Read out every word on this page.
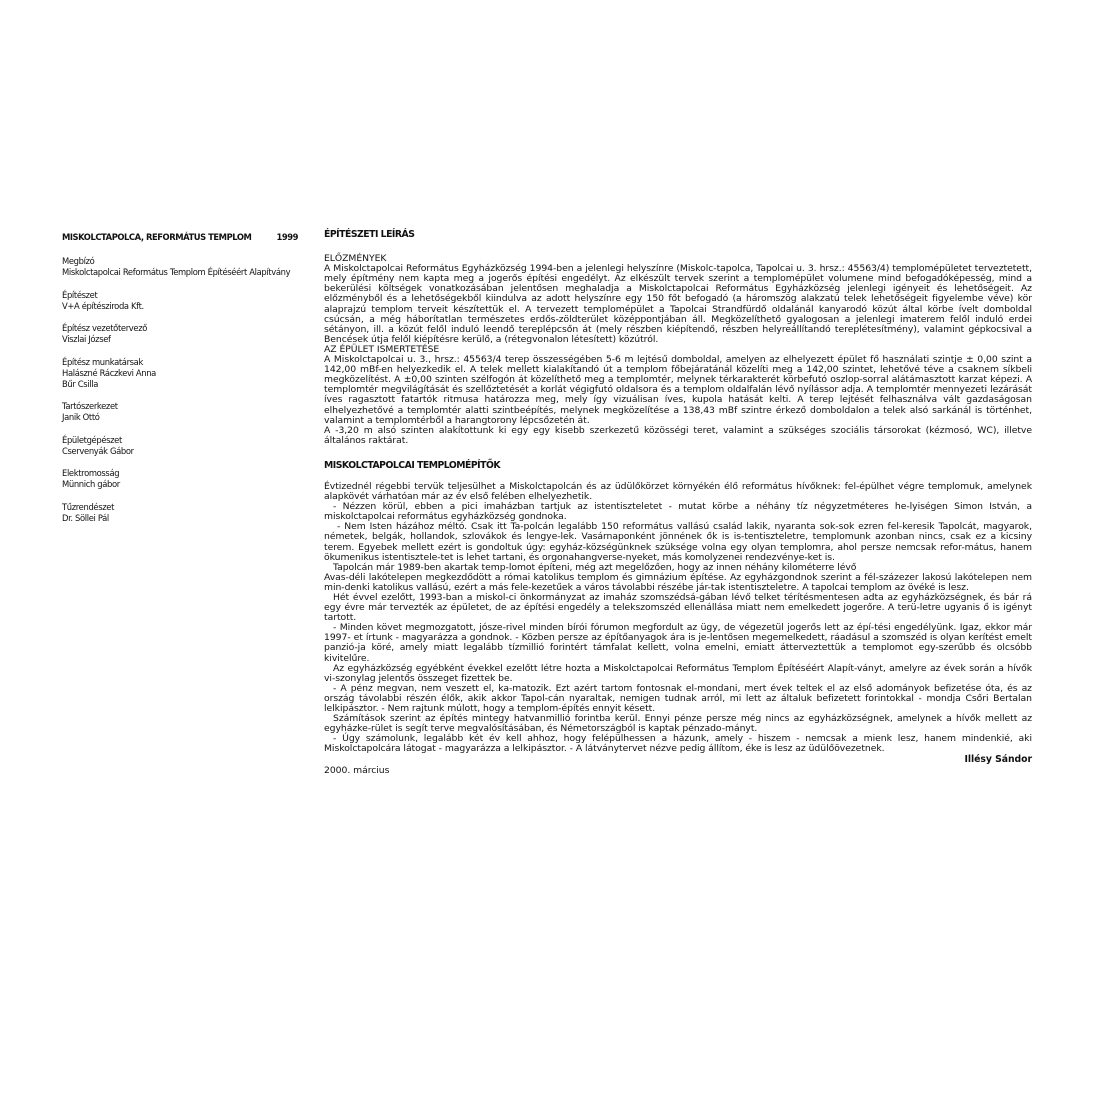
MISKOLCTAPOLCA, REFORMÁTUS TEMPLOM	1999
Megbízó
Miskolctapolcai Református Templom Építéséért Alapítvány
Építészet
V+A építésziroda Kft.
Építész vezetőtervező
Viszlai József
Építész munkatársak
Halászné Ráczkevi Anna
Bűr Csilla
Tartószerkezet
Janik Ottó
Épületgépészet
Cservenyák Gábor
Elektromosság
Münnich gábor
Tűzrendészet
Dr. Söllei Pál
ÉPÍTÉSZETI LEÍRÁS
ELŐZMÉNYEK

A Miskolctapolcai Református Egyházközség 1994-ben a jelenlegi helyszínre (Miskolc-tapolca, Tapolcai u. 3. hrsz.: 45563/4) templomépületet terveztetett, mely építmény nem kapta meg a jogerős építési engedélyt. Az elkészült tervek szerint a templomépület volumene mind befogadóképesség, mind a bekerülési költségek vonatkozásában jelentősen meghaladja a Miskolctapolcai Református Egyházközség jelenlegi igényeit és lehetőségeit. Az előzményből és a lehetőségekből kiindulva az adott helyszínre egy 150 főt befogadó (a háromszög alakzatú telek lehetőségeit figyelembe véve) kör alaprajzú templom terveit készítettük el. A tervezett templomépület a Tapolcai Strandfürdő oldalánál kanyarodó közút által körbe ívelt domboldal csúcsán, a még háborítatlan természetes erdős-zöldterület középpontjában áll. Megközelíthető gyalogosan a jelenlegi imaterem felől induló erdei sétányon, ill. a közút felől induló leendő tereplépcsőn át (mely részben kiépítendő, részben helyreállítandó tereplétesítmény), valamint gépkocsival a Bencések útja felől kiépítésre kerülő, a (rétegvonalon létesített) közútról.

AZ ÉPÜLET ISMERTETÉSE

A Miskolctapolcai u. 3., hrsz.: 45563/4 terep összességében 5-6 m lejtésű domboldal, amelyen az elhelyezett épület fő használati szintje ± 0,00 szint a 142,00 mBf-en helyezkedik el. A telek mellett kialakítandó út a templom főbejáratánál közelíti meg a 142,00 szintet, lehetővé téve a csaknem síkbeli megközelítést. A ±0,00 szinten szélfogón át közelíthető meg a templomtér, melynek térkarakterét körbefutó oszlop-sorral alátámasztott karzat képezi. A templomtér megvilágítását és szellőztetését a korlát végigfutó oldalsora és a templom oldalfalán lévő nyílássor adja. A templomtér mennyezeti lezárását íves ragasztott fatartók ritmusa határozza meg, mely így vizuálisan íves, kupola hatását kelti. A terep lejtését felhasználva vált gazdaságosan elhelyezhetővé a templomtér alatti szintbeépítés, melynek megközelítése a 138,43 mBf szintre érkező domboldalon a telek alsó sarkánál is történhet, valamint a templomtérből a harangtorony lépcsőzetén át.

A -3,20 m alsó szinten alakítottunk ki egy egy kisebb szerkezetű közösségi teret, valamint a szükséges szociális társorokat (kézmosó, WC), illetve általános raktárat.

MISKOLCTAPOLCAI TEMPLOMÉPÍTŐK

Évtizednél régebbi tervük teljesülhet a Miskolctapolcán és az üdülőkörzet környékén élő református hívőknek: fel-épülhet végre templomuk, amelynek alapkövét várhatóan már az év első felében elhelyezhetik.

- Nézzen körül, ebben a pici imaházban tartjuk az istentiszteletet - mutat körbe a néhány tíz négyzetméteres he-lyiségen Simon István, a miskolctapolcai református egyházközség gondnoka.

- Nem Isten házához méltó. Csak itt Ta-polcán legalább 150 református vallású család lakik, nyaranta sok-sok ezren fel-keresik Tapolcát, magyarok, németek, belgák, hollandok, szlovákok és lengye-lek. Vasárnaponként jönnének ők is is-tentiszteletre, templomunk azonban nincs, csak ez a kicsiny terem. Egyebek mellett ezért is gondoltuk úgy: egyház-községünknek szüksége volna egy olyan templomra, ahol persze nemcsak refor-mátus, hanem ökumenikus istentisztele-tet is lehet tartani, és orgonahangverse-nyeket, más komolyzenei rendezvénye-ket is.

Tapolcán már 1989-ben akartak temp-lomot építeni, még azt megelőzően, hogy az innen néhány kilométerre lévő

Avas-déli lakótelepen megkezdődött a római katolikus templom és gimnázium építése. Az egyházgondnok szerint a fél-százezer lakosú lakótelepen nem min-denki katolikus vallású, ezért a más fele-kezetűek a város távolabbi részébe jár-tak istentiszteletre. A tapolcai templom az övéké is lesz.

Hét évvel ezelőtt, 1993-ban a miskol-ci önkormányzat az imaház szomszédsá-gában lévő telket térítésmentesen adta az egyházközségnek, és bár rá egy évre már tervezték az épületet, de az építési engedély a telekszomszéd ellenállása miatt nem emelkedett jogerőre. A terü-letre ugyanis ő is igényt tartott.

- Minden követ megmozgatott, jósze-rivel minden bírói fórumon megfordult az ügy, de végezetül jogerős lett az épí-tési engedélyünk. Igaz, ekkor már 1997- et írtunk - magyarázza a gondnok. - Közben persze az építőanyagok ára is je-lentősen megemelkedett, ráadásul a szomszéd is olyan kerítést emelt panzió-ja köré, amely miatt legalább tízmillió forintért támfalat kellett, volna emelni, emiatt átterveztettük a templomot egy-szerűbb és olcsóbb kivitelűre.

Az egyházközség egyébként évekkel ezelőtt létre hozta a Miskolctapolcai Református Templom Építéséért Alapít-ványt, amelyre az évek során a hívők vi-szonylag jelentős összeget fizettek be.

- A pénz megvan, nem veszett el, ka-matozik. Ezt azért tartom fontosnak el-mondani, mert évek teltek el az első adományok befizetése óta, és az ország távolabbi részén élők, akik akkor Tapol-cán nyaraltak, nemigen tudnak arról, mi lett az általuk befizetett forintokkal - mondja Csőri Bertalan lelkipásztor. - Nem rajtunk múlott, hogy a templom-építés ennyit késett.

Számítások szerint az építés mintegy hatvanmillió forintba kerül. Ennyi pénze persze még nincs az egyházközségnek, amelynek a hívők mellett az egyházke-rület is segít terve megvalósításában, és Németországból is kaptak pénzado-mányt.

- Úgy számolunk, legalább két év kell ahhoz, hogy felépülhessen a házunk, amely - hiszem - nemcsak a mienk lesz, hanem mindenkié, aki Miskolctapolcára látogat - magyarázza a lelkipásztor. - A látványtervet nézve pedig állítom, éke is lesz az üdülőövezetnek.

Illésy Sándor
2000. március
